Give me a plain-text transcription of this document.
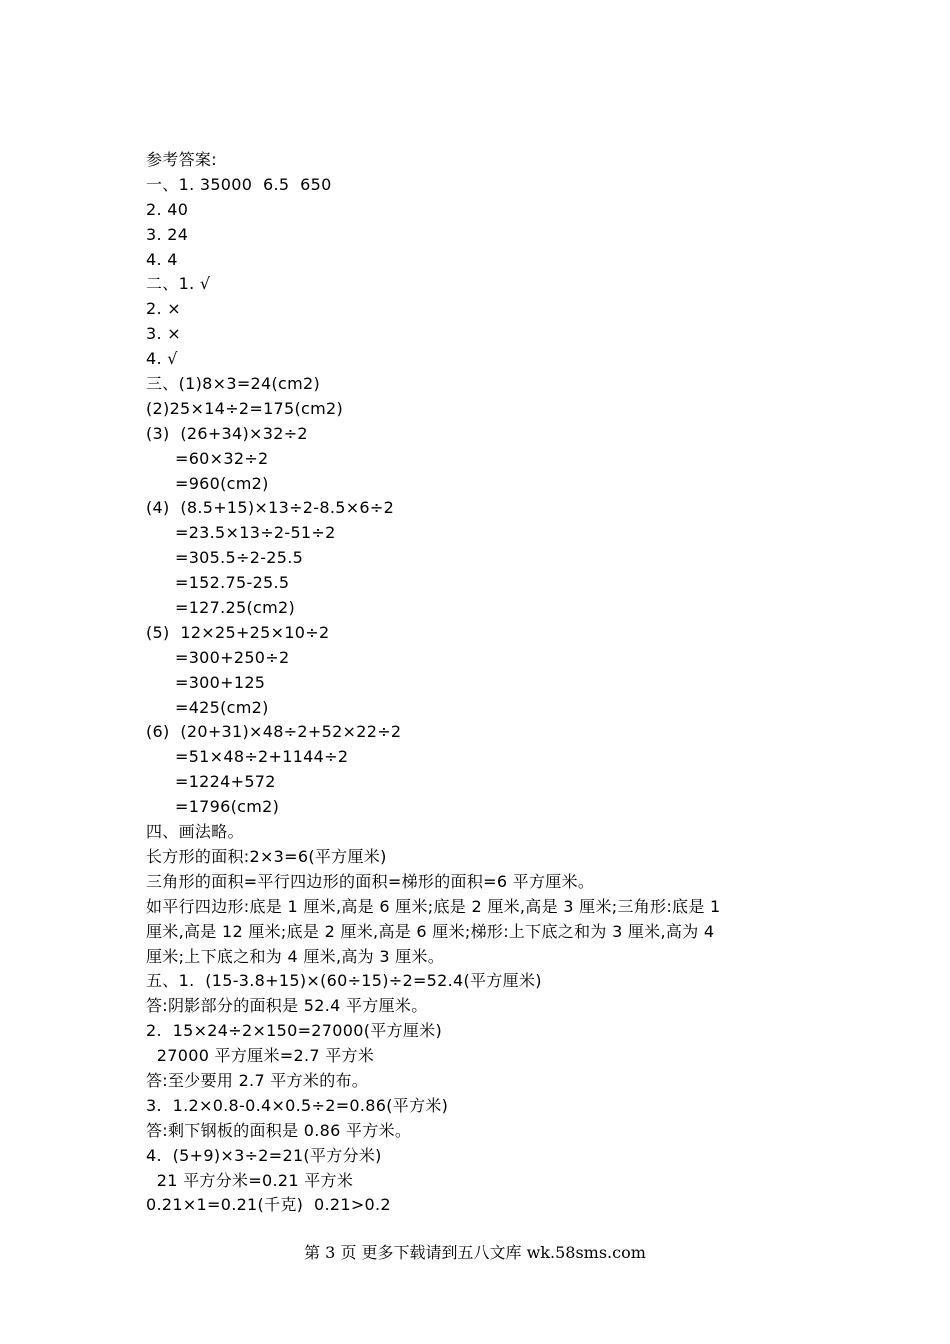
参考答案:
一、1. 35000  6.5  650
2. 40
3. 24
4. 4
二、1. √
2. ×
3. ×
4. √
三、(1)8×3=24(cm2)
(2)25×14÷2=175(cm2)
(3)  (26+34)×32÷2
=60×32÷2
=960(cm2)
(4)  (8.5+15)×13÷2-8.5×6÷2
=23.5×13÷2-51÷2
=305.5÷2-25.5
=152.75-25.5
=127.25(cm2)
(5)  12×25+25×10÷2
=300+250÷2
=300+125
=425(cm2)
(6)  (20+31)×48÷2+52×22÷2
=51×48÷2+1144÷2
=1224+572
=1796(cm2)
四、画法略。
长方形的面积:2×3=6(平方厘米)
三角形的面积=平行四边形的面积=梯形的面积=6 平方厘米。
如平行四边形:底是 1 厘米,高是 6 厘米;底是 2 厘米,高是 3 厘米;三角形:底是 1
厘米,高是 12 厘米;底是 2 厘米,高是 6 厘米;梯形:上下底之和为 3 厘米,高为 4
厘米;上下底之和为 4 厘米,高为 3 厘米。
五、1.  (15-3.8+15)×(60÷15)÷2=52.4(平方厘米)
答:阴影部分的面积是 52.4 平方厘米。
2.  15×24÷2×150=27000(平方厘米)
27000 平方厘米=2.7 平方米
答:至少要用 2.7 平方米的布。
3.  1.2×0.8-0.4×0.5÷2=0.86(平方米)
答:剩下钢板的面积是 0.86 平方米。
4.  (5+9)×3÷2=21(平方分米)
21 平方分米=0.21 平方米
0.21×1=0.21(千克)  0.21>0.2
第 3 页 更多下载请到五八文库 wk.58sms.com
